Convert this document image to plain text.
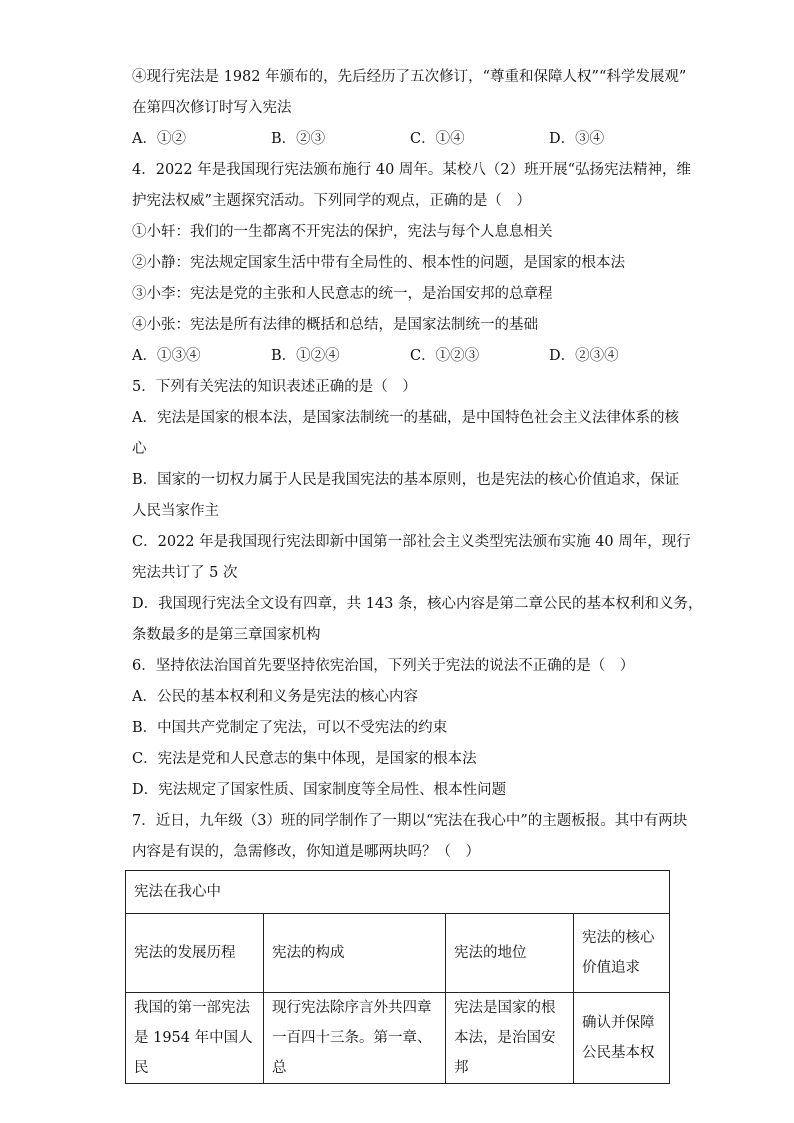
④现行宪法是 1982 年颁布的，先后经历了五次修订，“尊重和保障人权”“科学发展观”
在第四次修订时写入宪法
A．①②	B．②③	C．①④	D．③④
4．2022 年是我国现行宪法颁布施行 40 周年。某校八（2）班开展“弘扬宪法精神，维
护宪法权威”主题探究活动。下列同学的观点，正确的是（　）
①小轩：我们的一生都离不开宪法的保护，宪法与每个人息息相关
②小静：宪法规定国家生活中带有全局性的、根本性的问题，是国家的根本法
③小李：宪法是党的主张和人民意志的统一，是治国安邦的总章程
④小张：宪法是所有法律的概括和总结，是国家法制统一的基础
A．①③④	B．①②④	C．①②③	D．②③④
5．下列有关宪法的知识表述正确的是（　）
A．宪法是国家的根本法，是国家法制统一的基础，是中国特色社会主义法律体系的核
心
B．国家的一切权力属于人民是我国宪法的基本原则，也是宪法的核心价值追求，保证
人民当家作主
C．2022 年是我国现行宪法即新中国第一部社会主义类型宪法颁布实施 40 周年，现行
宪法共订了 5 次
D．我国现行宪法全文设有四章，共 143 条，核心内容是第二章公民的基本权利和义务，
条数最多的是第三章国家机构
6．坚持依法治国首先要坚持依宪治国，下列关于宪法的说法不正确的是（　）
A．公民的基本权利和义务是宪法的核心内容
B．中国共产党制定了宪法，可以不受宪法的约束
C．宪法是党和人民意志的集中体现，是国家的根本法
D．宪法规定了国家性质、国家制度等全局性、根本性问题
7．近日，九年级（3）班的同学制作了一期以“宪法在我心中”的主题板报。其中有两块
内容是有误的，急需修改，你知道是哪两块吗？（　）
宪法在我心中			
宪法的发展历程	宪法的构成	宪法的地位	宪法的核心价值追求
我国的第一部宪法是 1954 年中国人民	现行宪法除序言外共四章一百四十三条。第一章、总	宪法是国家的根本法，是治国安邦	确认并保障公民基本权
